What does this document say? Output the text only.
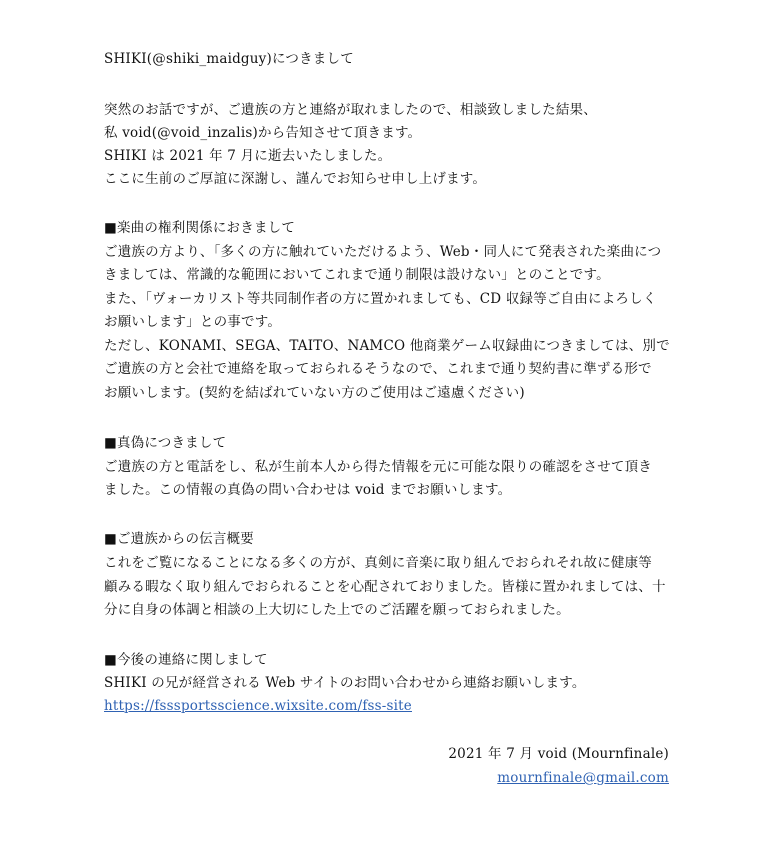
SHIKI(@shiki_maidguy)につきまして
突然のお話ですが、ご遺族の方と連絡が取れましたので、相談致しました結果、
私 void(@void_inzalis)から告知させて頂きます。
SHIKI は 2021 年 7 月に逝去いたしました。
ここに生前のご厚誼に深謝し、謹んでお知らせ申し上げます。
■楽曲の権利関係におきまして
ご遺族の方より、「多くの方に触れていただけるよう、Web・同人にて発表された楽曲につ
きましては、常識的な範囲においてこれまで通り制限は設けない」とのことです。
また、「ヴォーカリスト等共同制作者の方に置かれましても、CD 収録等ご自由によろしく
お願いします」との事です。
ただし、KONAMI、SEGA、TAITO、NAMCO 他商業ゲーム収録曲につきましては、別で
ご遺族の方と会社で連絡を取っておられるそうなので、これまで通り契約書に準ずる形で
お願いします。(契約を結ばれていない方のご使用はご遠慮ください)
■真偽につきまして
ご遺族の方と電話をし、私が生前本人から得た情報を元に可能な限りの確認をさせて頂き
ました。この情報の真偽の問い合わせは void までお願いします。
■ご遺族からの伝言概要
これをご覧になることになる多くの方が、真剣に音楽に取り組んでおられそれ故に健康等
顧みる暇なく取り組んでおられることを心配されておりました。皆様に置かれましては、十
分に自身の体調と相談の上大切にした上でのご活躍を願っておられました。
■今後の連絡に関しまして
SHIKI の兄が経営される Web サイトのお問い合わせから連絡お願いします。
https://fsssportsscience.wixsite.com/fss-site
2021 年 7 月 void (Mournfinale)
mournfinale@gmail.com
